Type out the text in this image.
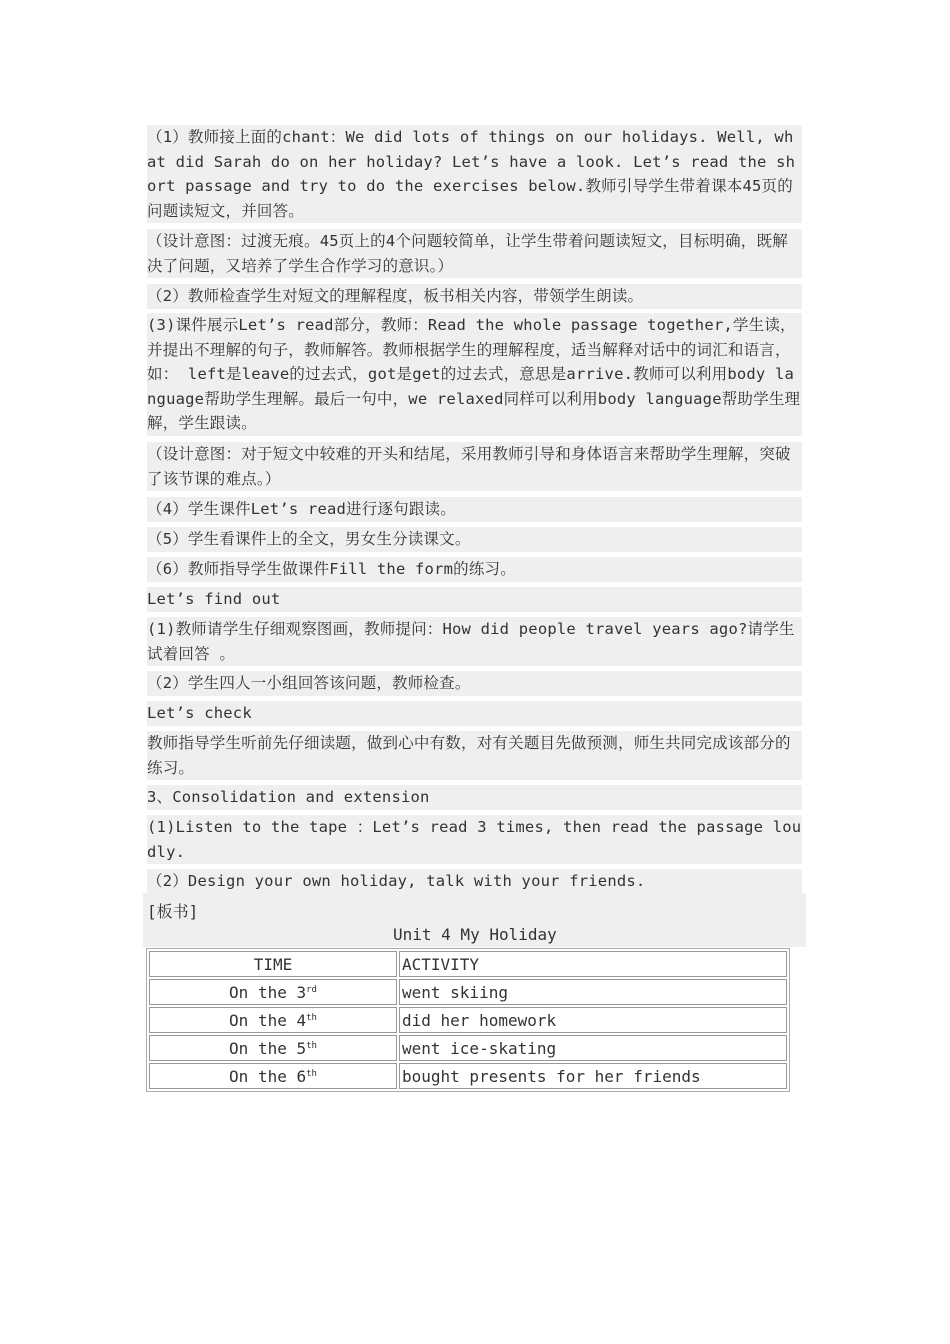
（1）教师接上面的chant：We did lots of things on our holidays. Well, what did Sarah do on her holiday? Let’s have a look. Let’s read the short passage and try to do the exercises below.教师引导学生带着课本45页的问题读短文，并回答。
（设计意图：过渡无痕。45页上的4个问题较简单，让学生带着问题读短文，目标明确，既解决了问题，又培养了学生合作学习的意识。）
（2）教师检查学生对短文的理解程度，板书相关内容，带领学生朗读。
(3)课件展示Let’s read部分，教师：Read the whole passage together,学生读，并提出不理解的句子，教师解答。教师根据学生的理解程度，适当解释对话中的词汇和语言，如： left是leave的过去式，got是get的过去式，意思是arrive.教师可以利用body language帮助学生理解。最后一句中，we relaxed同样可以利用body language帮助学生理解，学生跟读。
（设计意图：对于短文中较难的开头和结尾，采用教师引导和身体语言来帮助学生理解，突破了该节课的难点。）
（4）学生课件Let’s read进行逐句跟读。
（5）学生看课件上的全文，男女生分读课文。
（6）教师指导学生做课件Fill the form的练习。
Let’s find out
(1)教师请学生仔细观察图画，教师提问：How did people travel years ago?请学生试着回答 。
（2）学生四人一小组回答该问题，教师检查。
Let’s check
教师指导学生听前先仔细读题，做到心中有数，对有关题目先做预测，师生共同完成该部分的练习。
3、Consolidation and extension
(1)Listen to the tape ：Let’s read 3 times, then read the passage loudly.
（2）Design your own holiday, talk with your friends.
[板书]
Unit 4 My Holiday
TIME	ACTIVITY
On the 3rd	went skiing
On the 4th	did her homework
On the 5th	went ice-skating
On the 6th	bought presents for her friends
